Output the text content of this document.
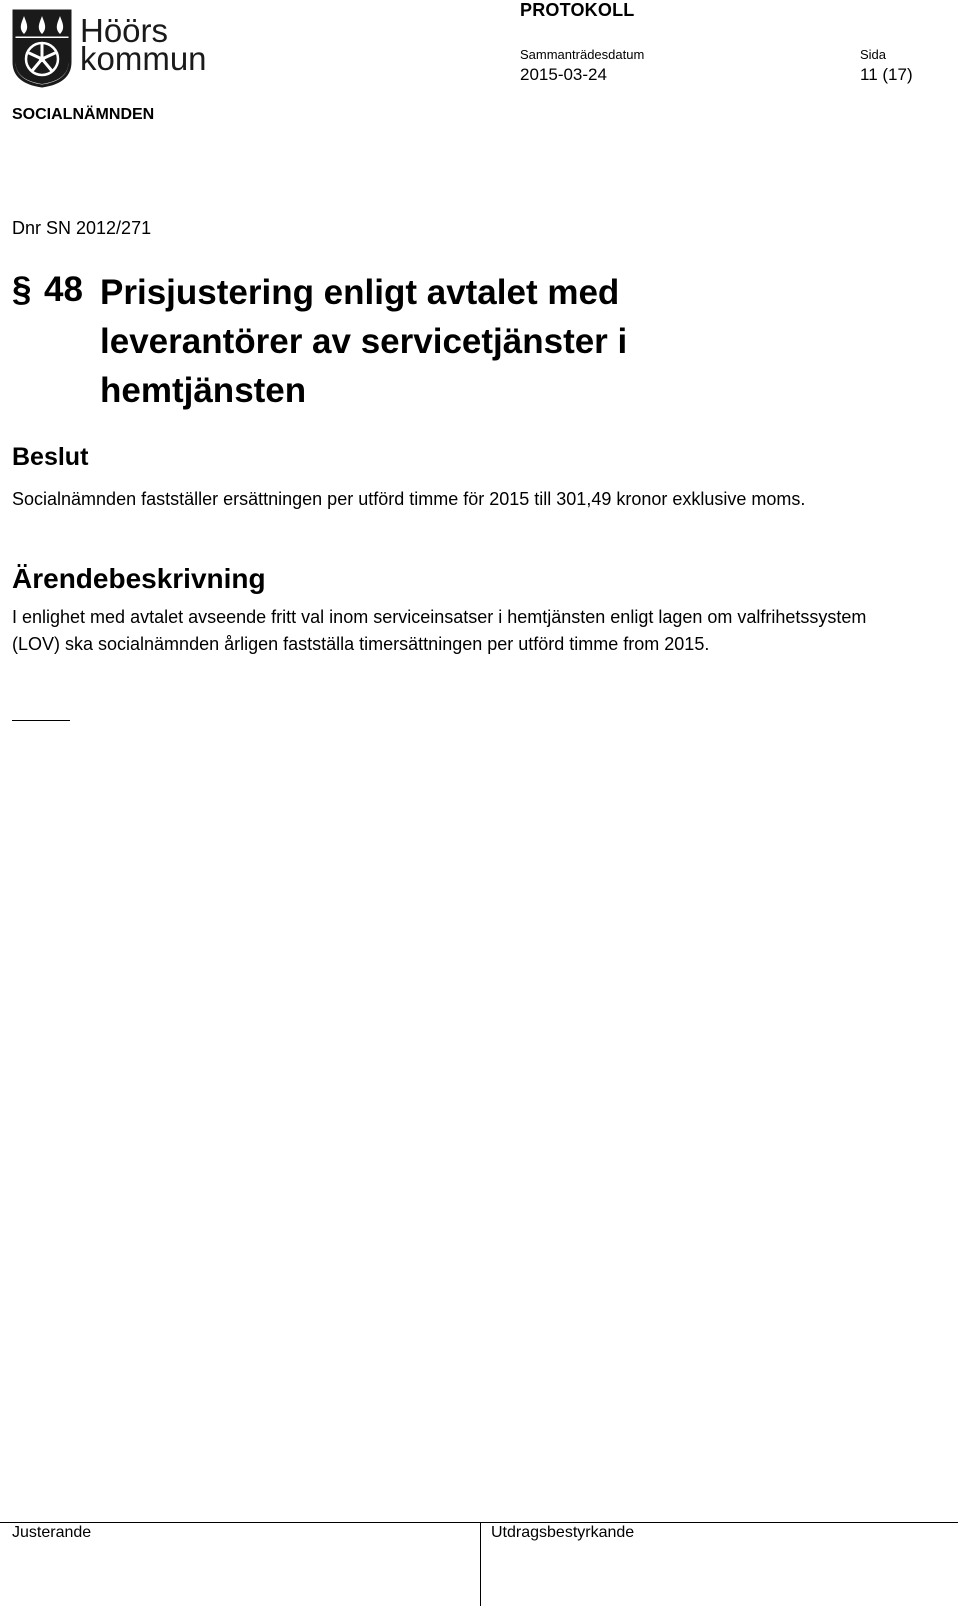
Höörs
kommun
PROTOKOLL
Sammanträdesdatum	Sida
2015-03-24	11 (17)
SOCIALNÄMNDEN
Dnr SN 2012/271
§ 48 Prisjustering enligt avtalet med leverantörer av servicetjänster i hemtjänsten
Beslut
Socialnämnden fastställer ersättningen per utförd timme för 2015 till 301,49 kronor exklusive moms.
Ärendebeskrivning
I enlighet med avtalet avseende fritt val inom serviceinsatser i hemtjänsten enligt lagen om valfrihetssystem (LOV) ska socialnämnden årligen fastställa timersättningen per utförd timme from 2015.
Justerande	Utdragsbestyrkande
